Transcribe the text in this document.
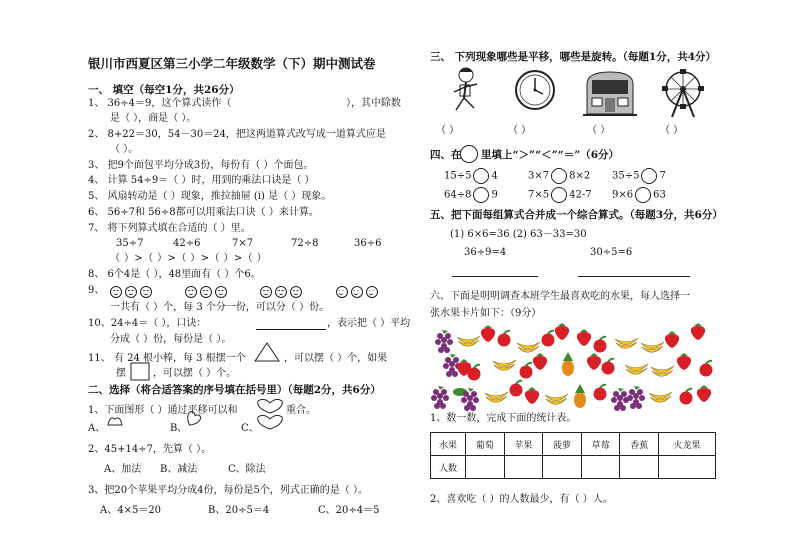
银川市西夏区第三小学二年级数学（下）期中测试卷
一、 填空（每空1分，共26分）
1、 36÷4＝9，这个算式读作（	），其中除数
是（ ），商是（ ）。
2、 8+22＝30，54－30＝24，把这两道算式改写成一道算式应是
（ ）。
3、 把9个面包平均分成3份，每份有（ ）个面包。
4、 计算 54÷9＝（ ）时，用到的乘法口诀是（ ）
5、 风扇转动是（ ）现象，推拉抽屉 (i) 是（ ）现象。
6、 56÷7和 56÷8都可以用乘法口诀（ ）来计算。
7、 将下列算式填在合适的（ ）里。
35÷7	42÷6	7×7	72÷8	36÷6
（ ）>（ ）>（ ）>（ ）>（ ）
8、 6个4是（ ），48里面有（ ）个6。
9、

一共有（ ）个，每 3 个分一份，可以分（ ）份。
10、24÷4＝（ ），口诀：	，表示把（ ）平均
分成（ ）份，每份是（ ）。
11、 有 24 根小棒，每 3 根摆一个	，可以摆（ ）个，如果
摆	，可以摆（ ）个。
二、选择（将合适答案的序号填在括号里）（每题2分，共6分）
1、下面图形（ ）通过平移可以和	重合。
A、	B、	C、
2、45+14÷7，先算（ ）。
A、加法 B、减法	C、除法
3、把20个苹果平均分成4份，每份是5个，列式正确的是（ ）。
A、4×5＝20	B、20÷5＝4	C、20÷4＝5
三、 下列现象哪些是平移，哪些是旋转。（每题1分，共4分）
（ ）	（ ）	（ ）	（ ）
四、在 里填上“＞”“＜”“＝”（6分）
15÷5 4	3×7 8×2 35÷5 7
64÷8 9	7×5 42-7 9×6 63
五、把下面每组算式合并成一个综合算式。（每题3分，共6分）
(1) 6×6=36 (2) 63－33=30
36÷9=4	30÷5=6
六、下面是明明调查本班学生最喜欢吃的水果，每人选择一
张水果卡片如下：（9分）
1、数一数，完成下面的统计表。
水果	葡萄	苹果	菠萝	草莓	香蕉	火龙果
人数						
2、喜欢吃（ ）的人数最少，有（ ）人。
